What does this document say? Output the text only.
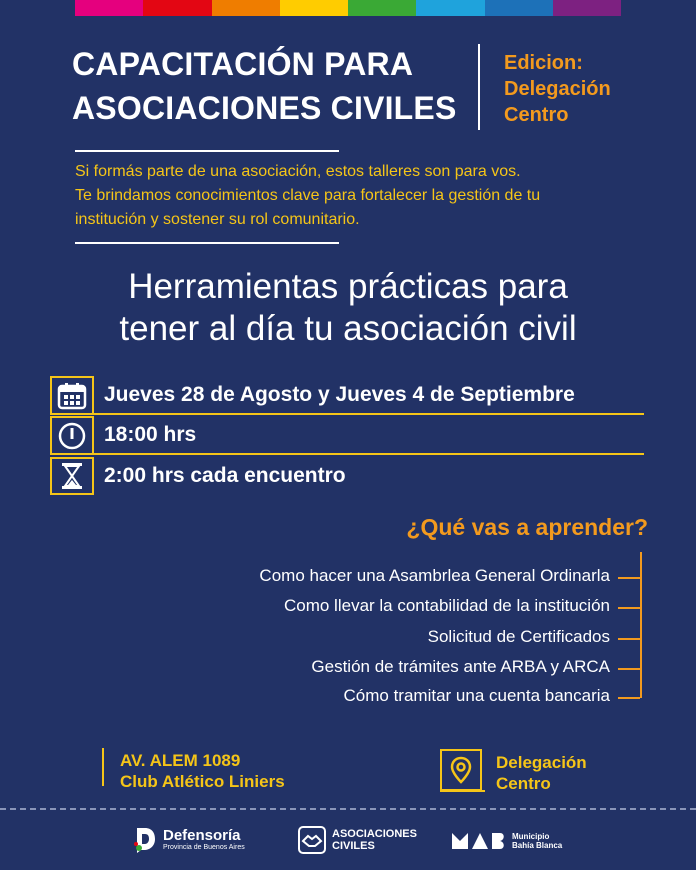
CAPACITACIÓN PARA
ASOCIACIONES CIVILES
Edicion:
Delegación
Centro
Si formás parte de una asociación, estos talleres son para vos.
Te brindamos conocimientos clave para fortalecer la gestión de tu
institución y sostener su rol comunitario.
Herramientas prácticas para
tener al día tu asociación civil
Jueves 28 de Agosto y Jueves 4 de Septiembre
18:00 hrs
2:00 hrs cada encuentro
¿Qué vas a aprender?
Como hacer una Asambrlea General Ordinarla
Como llevar la contabilidad de la institución
Solicitud de Certificados
Gestión de trámites ante ARBA y ARCA
Cómo tramitar una cuenta bancaria
AV. ALEM 1089
Club Atlético Liniers
Delegación
Centro
Defensoría
Provincia de Buenos Aires
ASOCIACIONES
CIVILES
Municipio
Bahía Blanca
